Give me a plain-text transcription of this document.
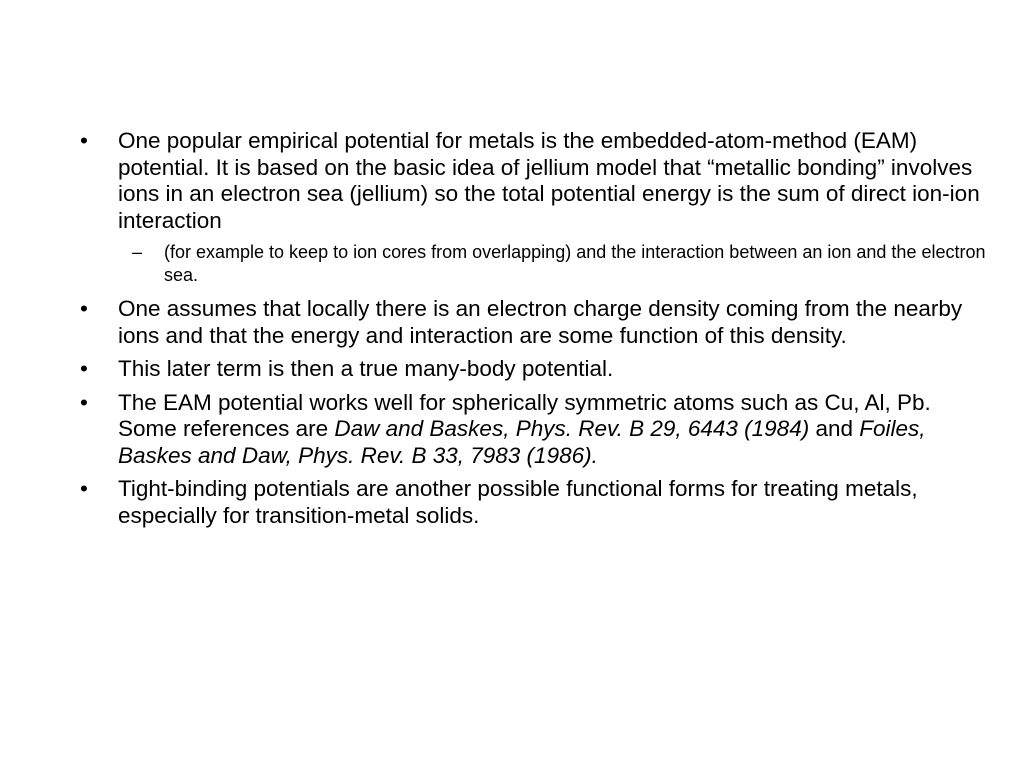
• One popular empirical potential for metals is the embedded-atom-method (EAM) potential. It is based on the basic idea of jellium model that “metallic bonding” involves ions in an electron sea (jellium) so the total potential energy is the sum of direct ion-ion interaction
– (for example to keep to ion cores from overlapping) and the interaction between an ion and the electron sea.
• One assumes that locally there is an electron charge density coming from the nearby ions and that the energy and interaction are some function of this density.
• This later term is then a true many-body potential.
• The EAM potential works well for spherically symmetric atoms such as Cu, Al, Pb. Some references are Daw and Baskes, Phys. Rev. B 29, 6443 (1984) and Foiles, Baskes and Daw, Phys. Rev. B 33, 7983 (1986).
• Tight-binding potentials are another possible functional forms for treating metals, especially for transition-metal solids.
